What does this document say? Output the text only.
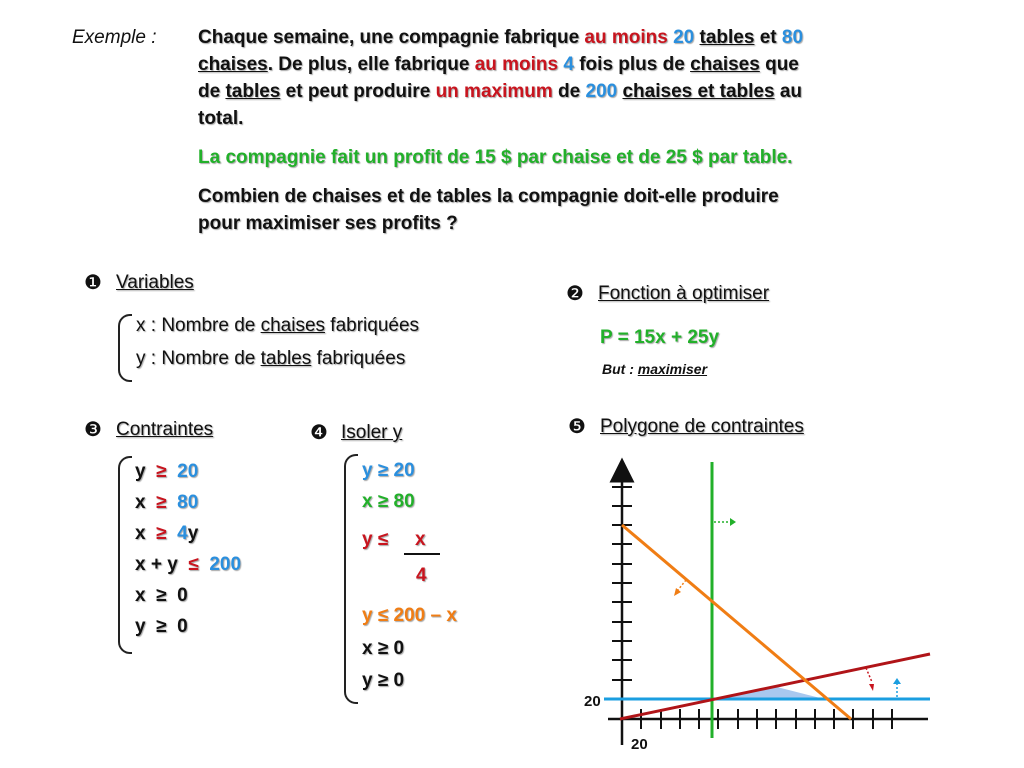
Exemple : Chaque semaine, une compagnie fabrique au moins 20 tables et 80
chaises. De plus, elle fabrique au moins 4 fois plus de chaises que
de tables et peut produire un maximum de 200 chaises et tables au
total.
La compagnie fait un profit de 15 $ par chaise et de 25 $ par table.
Combien de chaises et de tables la compagnie doit-elle produire
pour maximiser ses profits ?
❶ Variables
x : Nombre de chaises fabriquées
y : Nombre de tables fabriquées
❷ Fonction à optimiser
P = 15x + 25y
But : maximiser
❸ Contraintes
y ≥ 20
x ≥ 80
x ≥ 4y
x + y ≤ 200
x ≥ 0
y ≥ 0
❹ Isoler y
y ≥ 20
x ≥ 80
y ≤ x
4
y ≤ 200 – x
x ≥ 0
y ≥ 0
❺ Polygone de contraintes
20
20
